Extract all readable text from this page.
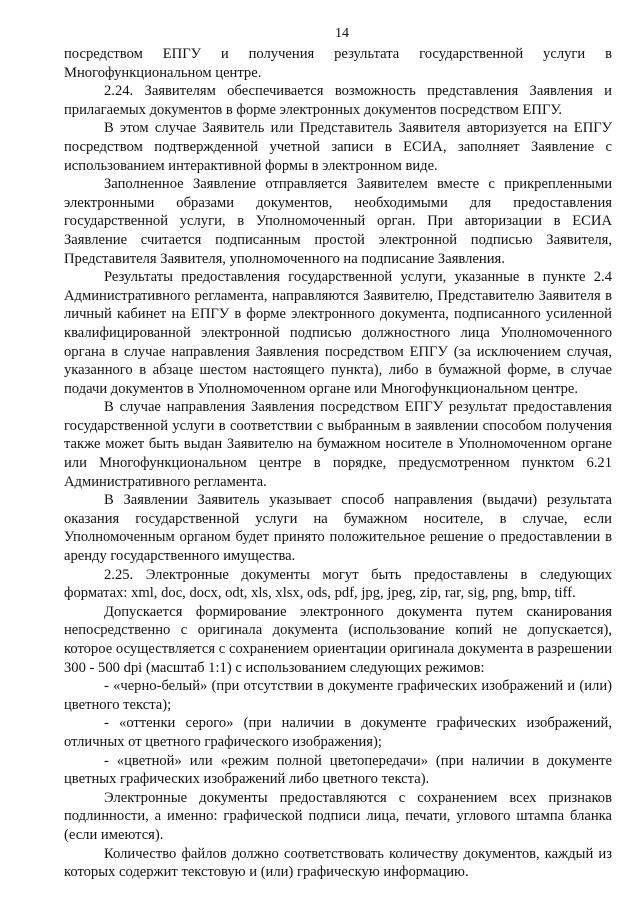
14

посредством ЕПГУ и получения результата государственной услуги в Многофункциональном центре.

2.24. Заявителям обеспечивается возможность представления Заявления и прилагаемых документов в форме электронных документов посредством ЕПГУ.

В этом случае Заявитель или Представитель Заявителя авторизуется на ЕПГУ посредством подтвержденной учетной записи в ЕСИА, заполняет Заявление с использованием интерактивной формы в электронном виде.

Заполненное Заявление отправляется Заявителем вместе с прикрепленными электронными образами документов, необходимыми для предоставления государственной услуги, в Уполномоченный орган. При авторизации в ЕСИА Заявление считается подписанным простой электронной подписью Заявителя, Представителя Заявителя, уполномоченного на подписание Заявления.

Результаты предоставления государственной услуги, указанные в пункте 2.4 Административного регламента, направляются Заявителю, Представителю Заявителя в личный кабинет на ЕПГУ в форме электронного документа, подписанного усиленной квалифицированной электронной подписью должностного лица Уполномоченного органа в случае направления Заявления посредством ЕПГУ (за исключением случая, указанного в абзаце шестом настоящего пункта), либо в бумажной форме, в случае подачи документов в Уполномоченном органе или Многофункциональном центре.

В случае направления Заявления посредством ЕПГУ результат предоставления государственной услуги в соответствии с выбранным в заявлении способом получения также может быть выдан Заявителю на бумажном носителе в Уполномоченном органе или Многофункциональном центре в порядке, предусмотренном пунктом 6.21 Административного регламента.

В Заявлении Заявитель указывает способ направления (выдачи) результата оказания государственной услуги на бумажном носителе, в случае, если Уполномоченным органом будет принято положительное решение о предоставлении в аренду государственного имущества.

2.25. Электронные документы могут быть предоставлены в следующих форматах: xml, doc, docx, odt, xls, xlsx, ods, pdf, jpg, jpeg, zip, rar, sig, png, bmp, tiff.

Допускается формирование электронного документа путем сканирования непосредственно с оригинала документа (использование копий не допускается), которое осуществляется с сохранением ориентации оригинала документа в разрешении 300 - 500 dpi (масштаб 1:1) с использованием следующих режимов:

- «черно-белый» (при отсутствии в документе графических изображений и (или) цветного текста);

- «оттенки серого» (при наличии в документе графических изображений, отличных от цветного графического изображения);

- «цветной» или «режим полной цветопередачи» (при наличии в документе цветных графических изображений либо цветного текста).

Электронные документы предоставляются с сохранением всех признаков подлинности, а именно: графической подписи лица, печати, углового штампа бланка (если имеются).

Количество файлов должно соответствовать количеству документов, каждый из которых содержит текстовую и (или) графическую информацию.
